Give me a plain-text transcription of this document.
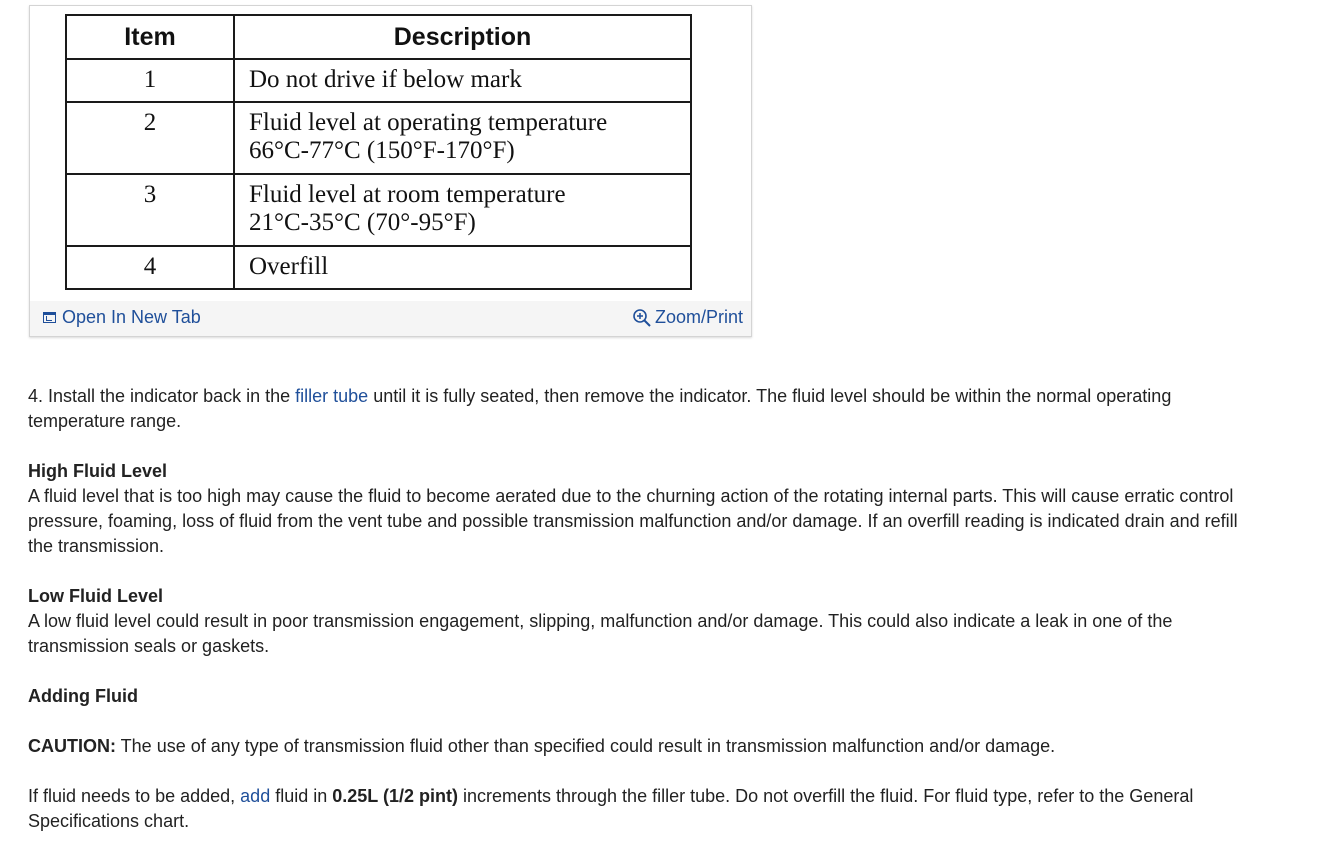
Item	Description
1	Do not drive if below mark

2	Fluid level at operating temperature
66°C-77°C (150°F-170°F)

3	Fluid level at room temperature
21°C-35°C (70°-95°F)

4	Overfill
Open In New Tab	Zoom/Print

4. Install the indicator back in the filler tube until it is fully seated, then remove the indicator. The fluid level should be within the normal operating temperature range.

High Fluid Level
A fluid level that is too high may cause the fluid to become aerated due to the churning action of the rotating internal parts. This will cause erratic control pressure, foaming, loss of fluid from the vent tube and possible transmission malfunction and/or damage. If an overfill reading is indicated drain and refill the transmission.

Low Fluid Level
A low fluid level could result in poor transmission engagement, slipping, malfunction and/or damage. This could also indicate a leak in one of the transmission seals or gaskets.

Adding Fluid

CAUTION: The use of any type of transmission fluid other than specified could result in transmission malfunction and/or damage.

If fluid needs to be added, add fluid in 0.25L (1/2 pint) increments through the filler tube. Do not overfill the fluid. For fluid type, refer to the General Specifications chart.
